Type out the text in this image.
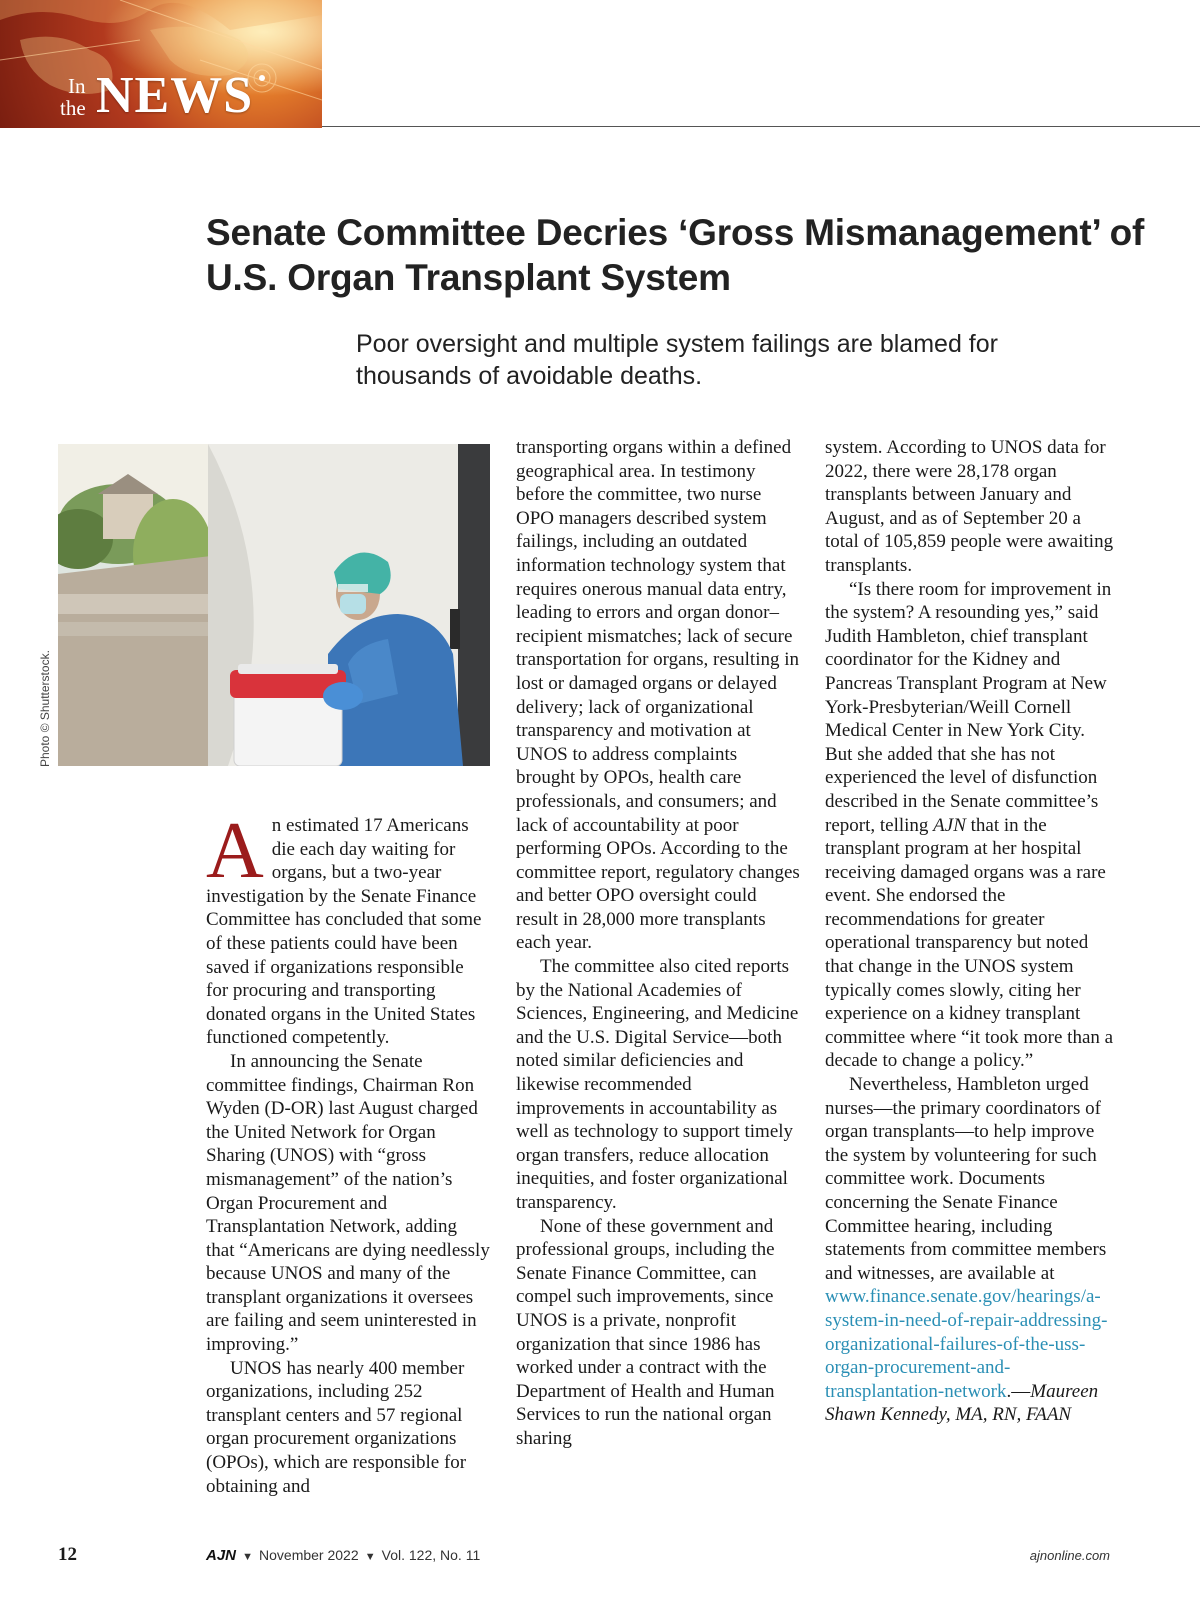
In
the NEWS
Senate Committee Decries ‘Gross Mismanagement’ of U.S. Organ Transplant System
Poor oversight and multiple system failings are blamed for thousands of avoidable deaths.
Photo © Shutterstock.

An estimated 17 Americans die each day waiting for organs, but a two-year investigation by the Senate Finance Committee has concluded that some of these patients could have been saved if organizations responsible for procuring and transporting donated organs in the United States functioned competently.

In announcing the Senate committee findings, Chairman Ron Wyden (D-OR) last August charged the United Network for Organ Sharing (UNOS) with “gross mismanagement” of the nation’s Organ Procurement and Transplantation Network, adding that “Americans are dying needlessly because UNOS and many of the transplant organizations it oversees are failing and seem uninterested in improving.”

UNOS has nearly 400 member organizations, including 252 transplant centers and 57 regional organ procurement organizations (OPOs), which are responsible for obtaining and

transporting organs within a defined geographical area. In testimony before the committee, two nurse OPO managers described system failings, including an outdated information technology system that requires onerous manual data entry, leading to errors and organ donor–recipient mismatches; lack of secure transportation for organs, resulting in lost or damaged organs or delayed delivery; lack of organizational transparency and motivation at UNOS to address complaints brought by OPOs, health care professionals, and consumers; and lack of accountability at poor performing OPOs. According to the committee report, regulatory changes and better OPO oversight could result in 28,000 more transplants each year.

The committee also cited reports by the National Academies of Sciences, Engineering, and Medicine and the U.S. Digital Service—both noted similar deficiencies and likewise recommended improvements in accountability as well as technology to support timely organ transfers, reduce allocation inequities, and foster organizational transparency.

None of these government and professional groups, including the Senate Finance Committee, can compel such improvements, since UNOS is a private, nonprofit organization that since 1986 has worked under a contract with the Department of Health and Human Services to run the national organ sharing

system. According to UNOS data for 2022, there were 28,178 organ transplants between January and August, and as of September 20 a total of 105,859 people were awaiting transplants.

“Is there room for improvement in the system? A resounding yes,” said Judith Hambleton, chief transplant coordinator for the Kidney and Pancreas Transplant Program at New York-Presbyterian/Weill Cornell Medical Center in New York City. But she added that she has not experienced the level of disfunction described in the Senate committee’s report, telling AJN that in the transplant program at her hospital receiving damaged organs was a rare event. She endorsed the recommendations for greater operational transparency but noted that change in the UNOS system typically comes slowly, citing her experience on a kidney transplant committee where “it took more than a decade to change a policy.”

Nevertheless, Hambleton urged nurses—the primary coordinators of organ transplants—to help improve the system by volunteering for such committee work. Documents concerning the Senate Finance Committee hearing, including statements from committee members and witnesses, are available at www.finance.senate.gov/hearings/a-system-in-need-of-repair-addressing-organizational-failures-of-the-uss-organ-procurement-and-transplantation-network.—Maureen Shawn Kennedy, MA, RN, FAAN

12	AJN ▼ November 2022 ▼ Vol. 122, No. 11	ajnonline.com
